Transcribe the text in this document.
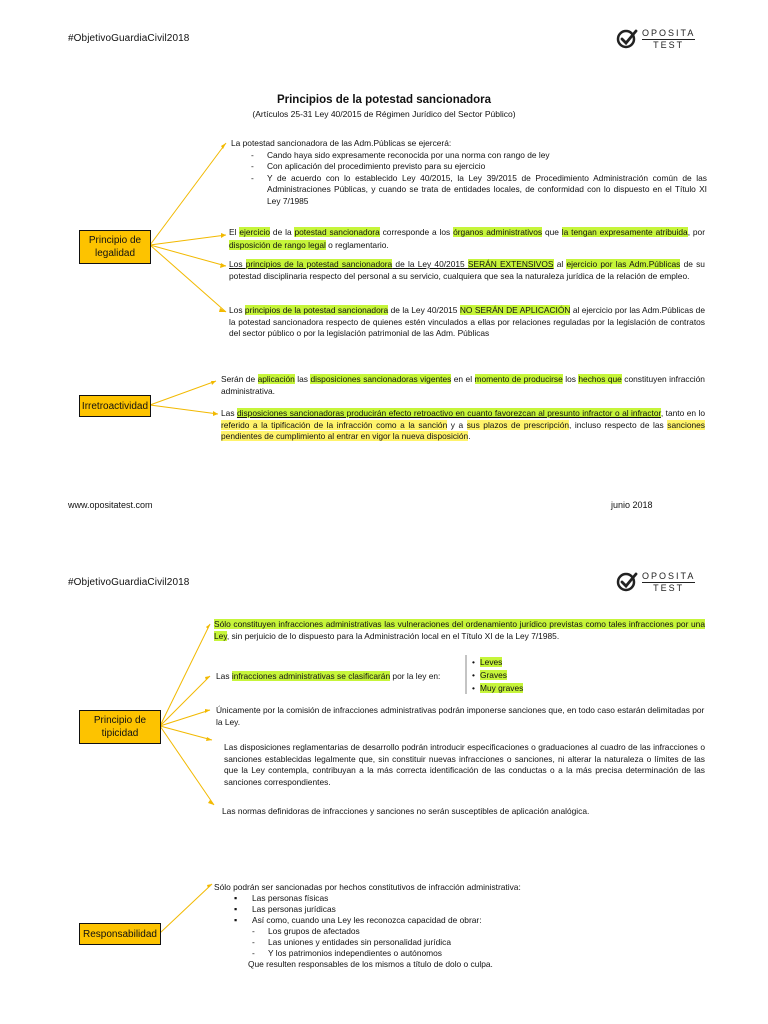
#ObjetivoGuardiaCivil2018
OPOSITA
TEST
Principios de la potestad sancionadora
(Artículos 25-31 Ley 40/2015 de Régimen Jurídico del Sector Público)
Principio de legalidad

La potestad sancionadora de las Adm.Públicas se ejercerá:

- Cando haya sido expresamente reconocida por una norma con rango de ley
- Con aplicación del procedimiento previsto para su ejercicio
- Y de acuerdo con lo establecido Ley 40/2015, la Ley 39/2015 de Procedimiento Administración común de las Administraciones Públicas, y cuando se trata de entidades locales, de conformidad con lo dispuesto en el Título XI Ley 7/1985
El ejercicio de la potestad sancionadora corresponde a los órganos administrativos que la tengan expresamente atribuida, por disposición de rango legal o reglamentario.
Los principios de la potestad sancionadora de la Ley 40/2015 SERÁN EXTENSIVOS al ejercicio por las Adm.Públicas de su potestad disciplinaria respecto del personal a su servicio, cualquiera que sea la naturaleza jurídica de la relación de empleo.
Los principios de la potestad sancionadora de la Ley 40/2015 NO SERÁN DE APLICACIÓN al ejercicio por las Adm.Públicas de la potestad sancionadora respecto de quienes estén vinculados a ellas por relaciones reguladas por la legislación de contratos del sector público o por la legislación patrimonial de las Adm. Públicas
Irretroactividad
Serán de aplicación las disposiciones sancionadoras vigentes en el momento de producirse los hechos que constituyen infracción administrativa.
Las disposiciones sancionadoras producirán efecto retroactivo en cuanto favorezcan al presunto infractor o al infractor, tanto en lo referido a la tipificación de la infracción como a la sanción y a sus plazos de prescripción, incluso respecto de las sanciones pendientes de cumplimiento al entrar en vigor la nueva disposición.
www.opositatest.com	junio 2018
#ObjetivoGuardiaCivil2018
OPOSITA
TEST
Principio de tipicidad
Sólo constituyen infracciones administrativas las vulneraciones del ordenamiento jurídico previstas como tales infracciones por una Ley, sin perjuicio de lo dispuesto para la Administración local en el Título XI de la Ley 7/1985.
Las infracciones administrativas se clasificarán por la ley en:
• Leves
• Graves
• Muy graves
Únicamente por la comisión de infracciones administrativas podrán imponerse sanciones que, en todo caso estarán delimitadas por la Ley.
Las disposiciones reglamentarias de desarrollo podrán introducir especificaciones o graduaciones al cuadro de las infracciones o sanciones establecidas legalmente que, sin constituir nuevas infracciones o sanciones, ni alterar la naturaleza o límites de las que la Ley contempla, contribuyan a la más correcta identificación de las conductas o a la más precisa determinación de las sanciones correspondientes.
Las normas definidoras de infracciones y sanciones no serán susceptibles de aplicación analógica.
Responsabilidad

Sólo podrán ser sancionadas por hechos constitutivos de infracción administrativa:

▪ Las personas físicas
▪ Las personas jurídicas
▪ Así como, cuando una Ley les reconozca capacidad de obrar:
- Los grupos de afectados
- Las uniones y entidades sin personalidad jurídica
- Y los patrimonios independientes o autónomos

Que resulten responsables de los mismos a título de dolo o culpa.
